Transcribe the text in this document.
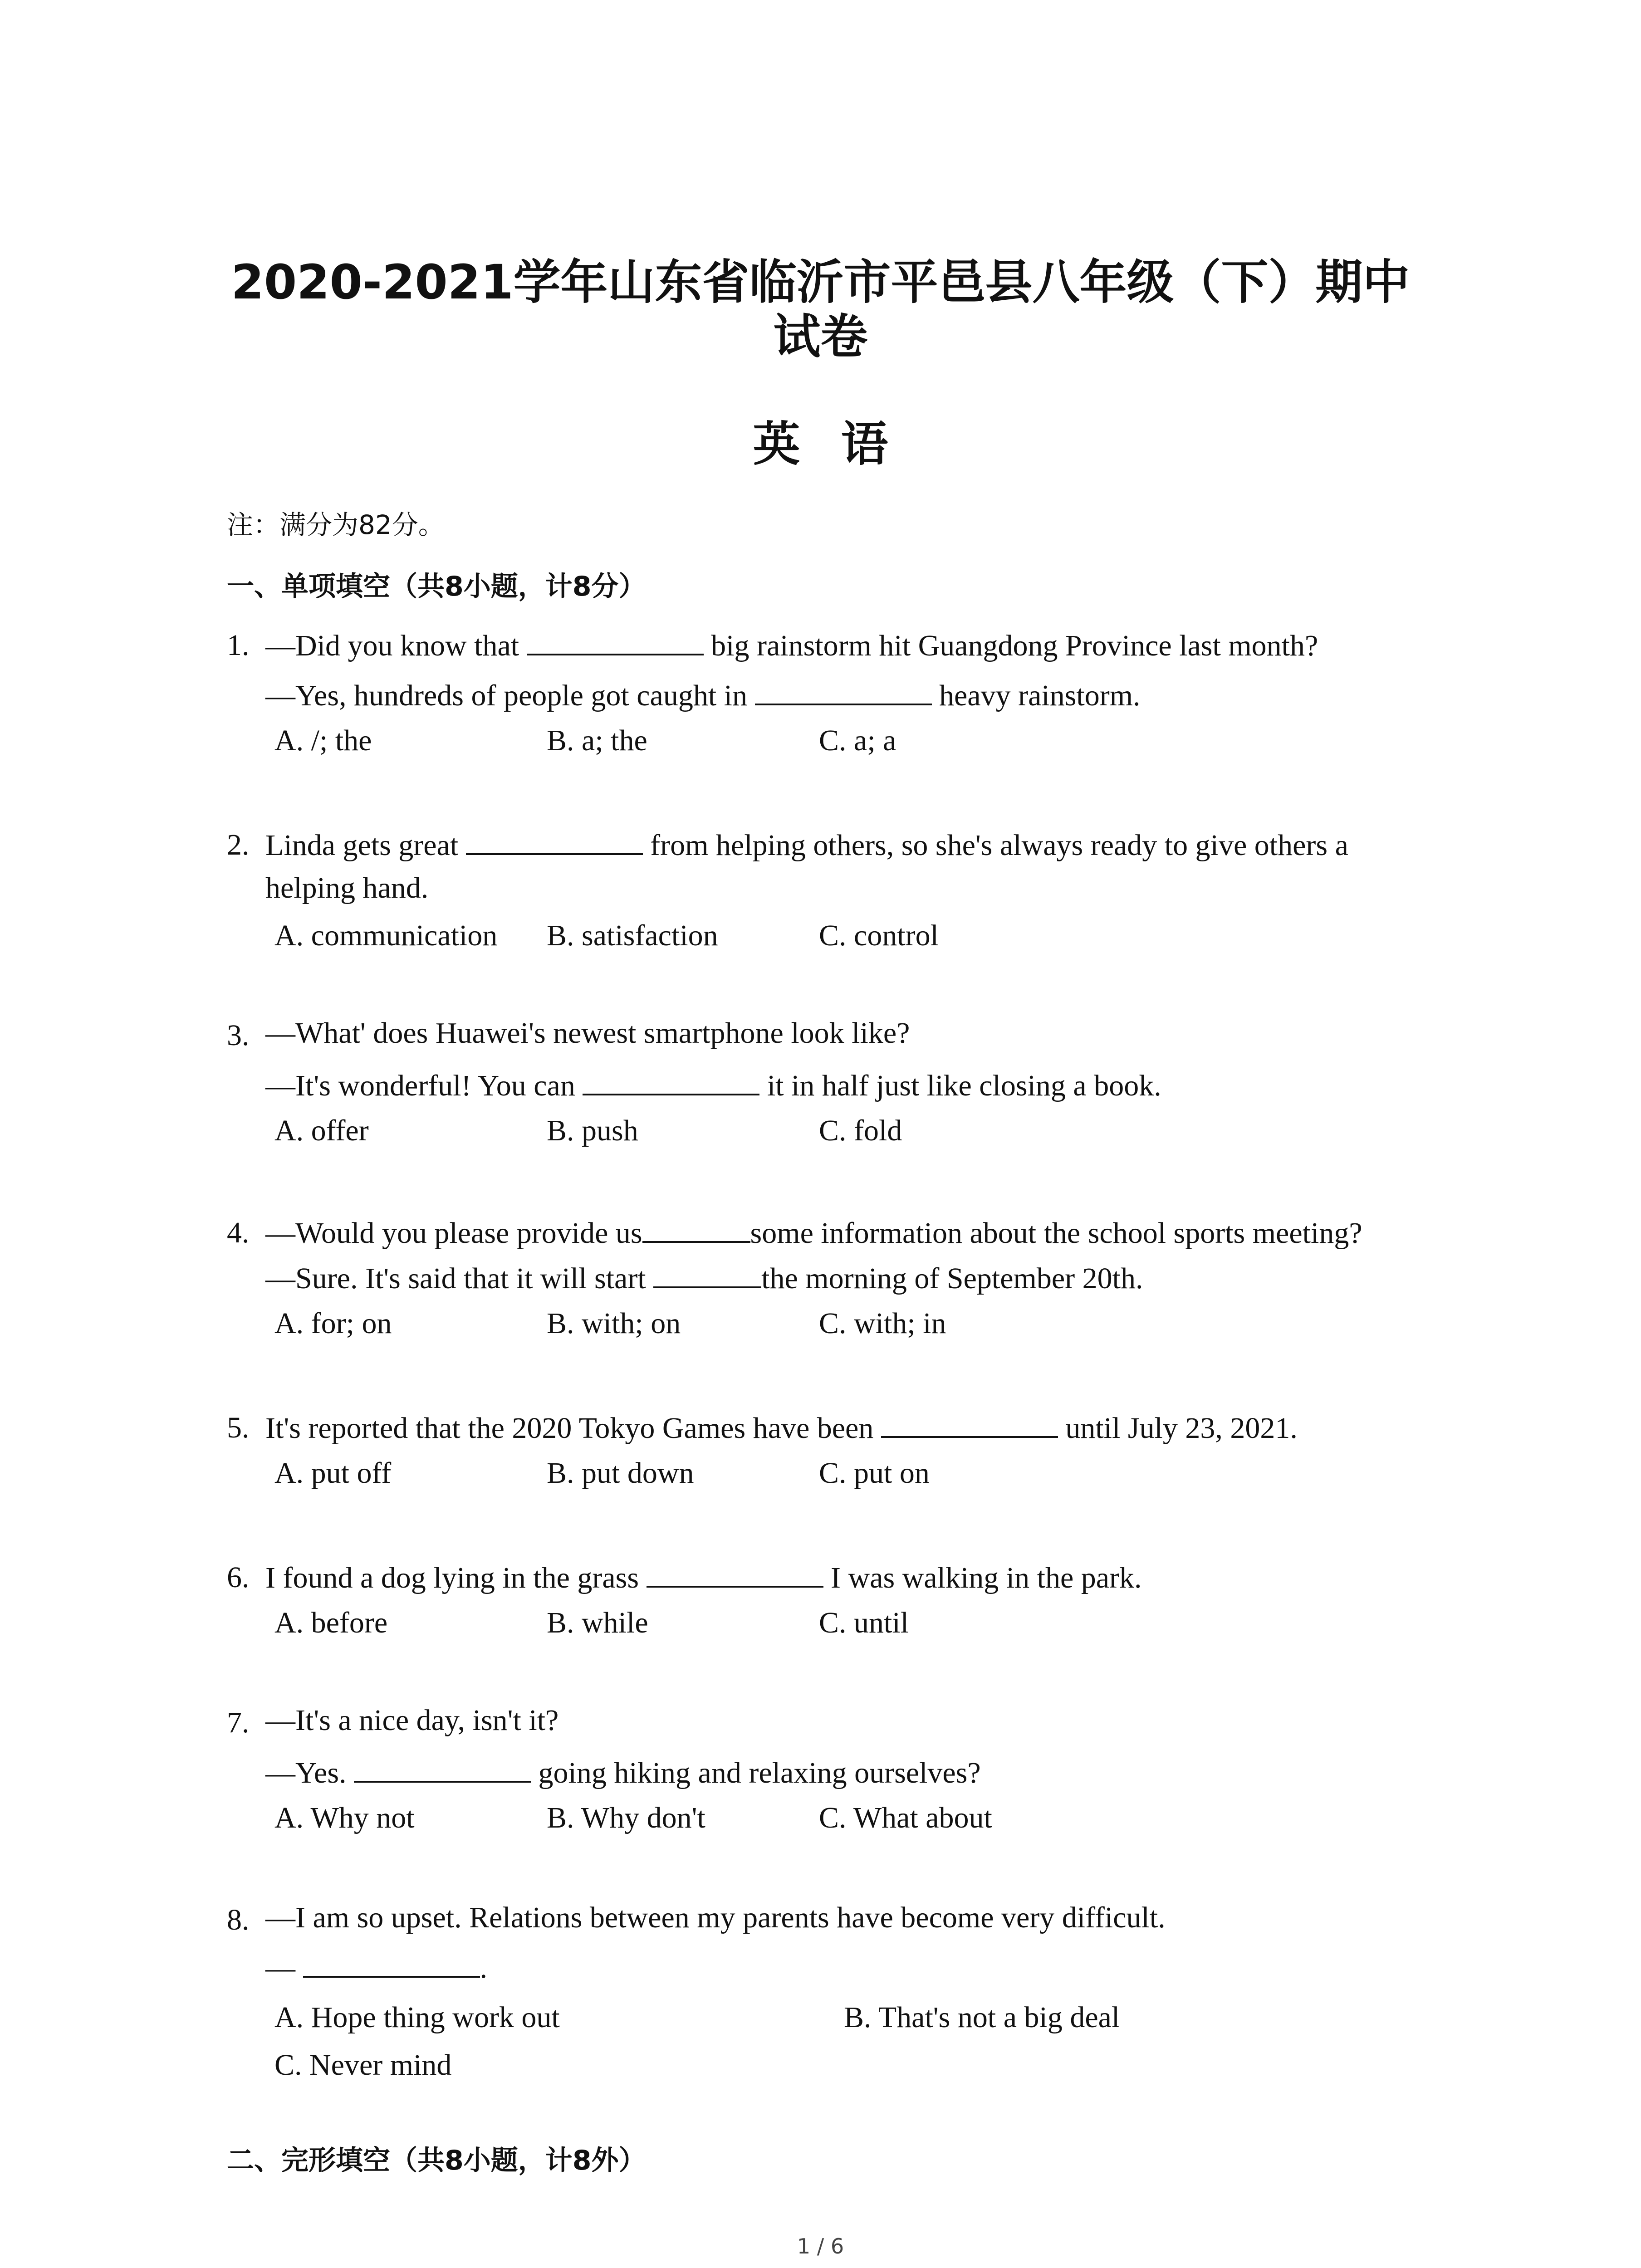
2020-2021学年山东省临沂市平邑县八年级（下）期中
试卷
英语
注：满分为82分。
一、单项填空（共8小题，计8分）
1. —Did you know that	big rainstorm hit Guangdong Province last month?
—Yes, hundreds of people got caught in	heavy rainstorm.
A. /; the	B. a; the	C. a; a
2. Linda gets great	from helping others, so she's always ready to give others a
helping hand.
A. communication B. satisfaction	C. control
3. —What' does Huawei's newest smartphone look like?
—It's wonderful! You can	it in half just like closing a book.
A. offer	B. push	C. fold
4. —Would you please provide us	some information about the school sports meeting?
—Sure. It's said that it will start	the morning of September 20th.
A. for; on	B. with; on	C. with; in
5. It's reported that the 2020 Tokyo Games have been	until July 23, 2021.
A. put off	B. put down	C. put on
6. I found a dog lying in the grass	I was walking in the park.
A. before	B. while	C. until
7. —It's a nice day, isn't it?
—Yes.	going hiking and relaxing ourselves?
A. Why not	B. Why don't	C. What about
8. —I am so upset. Relations between my parents have become very difficult.
—	.
A. Hope thing work out	B. That's not a big deal
C. Never mind
二、完形填空（共8小题，计8外）
1 / 6
